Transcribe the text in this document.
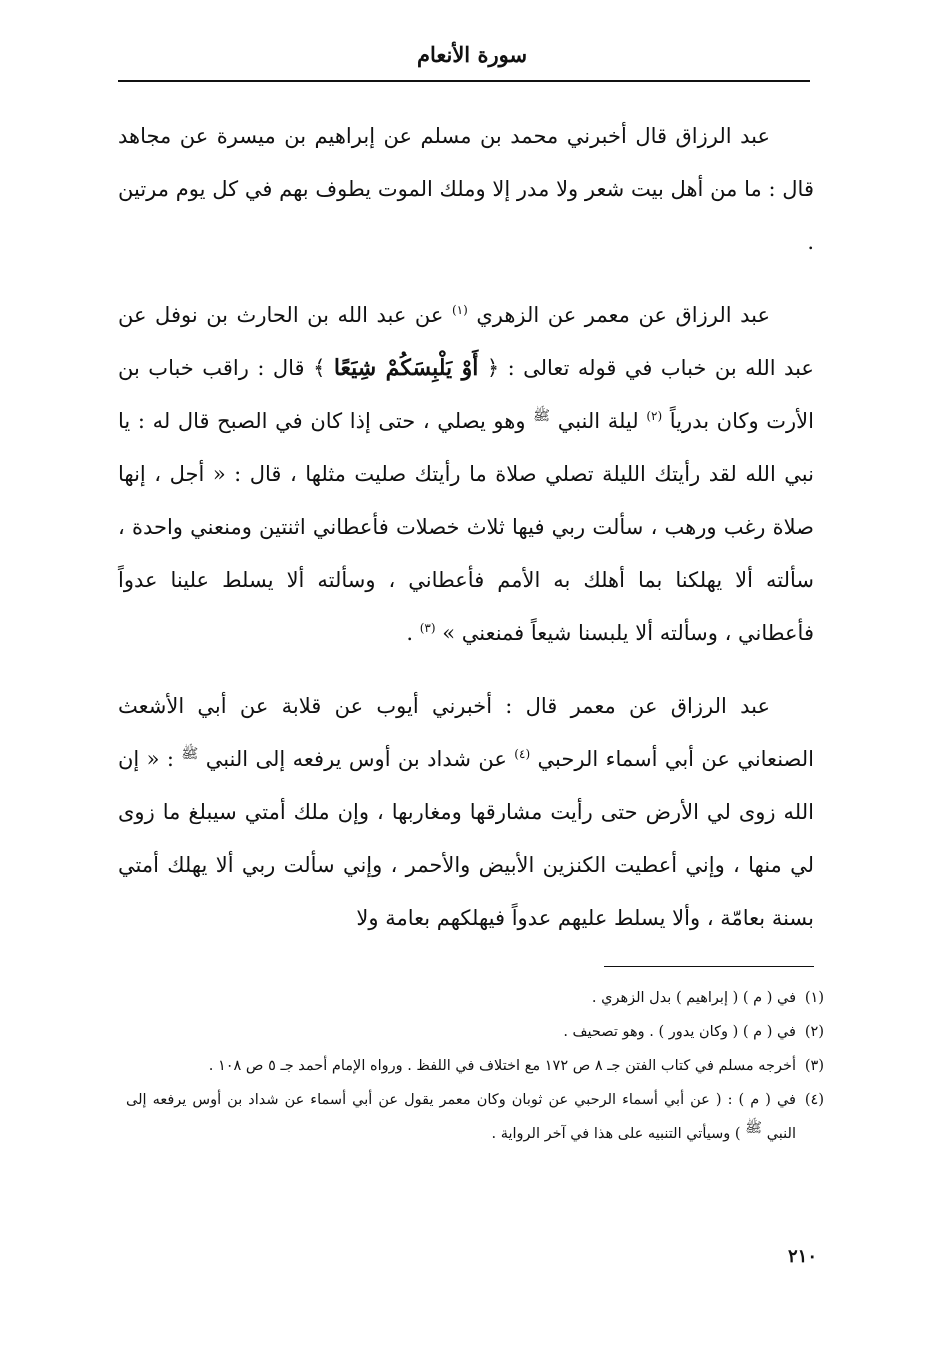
سورة الأنعام

عبد الرزاق قال أخبرني محمد بن مسلم عن إبراهيم بن ميسرة عن مجاهد قال : ما من أهل بيت شعر ولا مدر إلا وملك الموت يطوف بهم في كل يوم مرتين .

عبد الرزاق عن معمر عن الزهري $^{(١)}$ عن عبد الله بن الحارث بن نوفل عن عبد الله بن خباب في قوله تعالى : ﴿ أَوْ يَلْبِسَكُمْ شِيَعًا ﴾ قال : راقب خباب بن الأرت وكان بدرياً $^{(٢)}$ ليلة النبي $^ﷺ$ وهو يصلي ، حتى إذا كان في الصبح قال له : يا نبي الله لقد رأيتك الليلة تصلي صلاة ما رأيتك صليت مثلها ، قال : « أجل ، إنها صلاة رغب ورهب ، سألت ربي فيها ثلاث خصلات فأعطاني اثنتين ومنعني واحدة ، سألته ألا يهلكنا بما أهلك به الأمم فأعطاني ، وسألته ألا يسلط علينا عدواً فأعطاني ، وسألته ألا يلبسنا شيعاً فمنعني » $^{(٣)}$ .

عبد الرزاق عن معمر قال : أخبرني أيوب عن قلابة عن أبي الأشعث الصنعاني عن أبي أسماء الرحبي $^{(٤)}$ عن شداد بن أوس يرفعه إلى النبي $^ﷺ$ : « إن الله زوى لي الأرض حتى رأيت مشارقها ومغاربها ، وإن ملك أمتي سيبلغ ما زوى لي منها ، وإني أعطيت الكنزين الأبيض والأحمر ، وإني سألت ربي ألا يهلك أمتي بسنة بعامّة ، وألا يسلط عليهم عدواً فيهلكهم بعامة ولا

(١)في ( م ) ( إبراهيم ) بدل الزهري .

(٢)في ( م ) ( وكان يدور ) . وهو تصحيف .

(٣)أخرجه مسلم في كتاب الفتن جـ ٨ ص ١٧٢ مع اختلاف في اللفظ . ورواه الإمام أحمد جـ ٥ ص ١٠٨ .

(٤)في ( م ) : ( عن أبي أسماء الرحبي عن ثوبان وكان معمر يقول عن أبي أسماء عن شداد بن أوس يرفعه إلى النبي ﷺ ) وسيأتي التنبيه على هذا في آخر الرواية .

٢١٠
